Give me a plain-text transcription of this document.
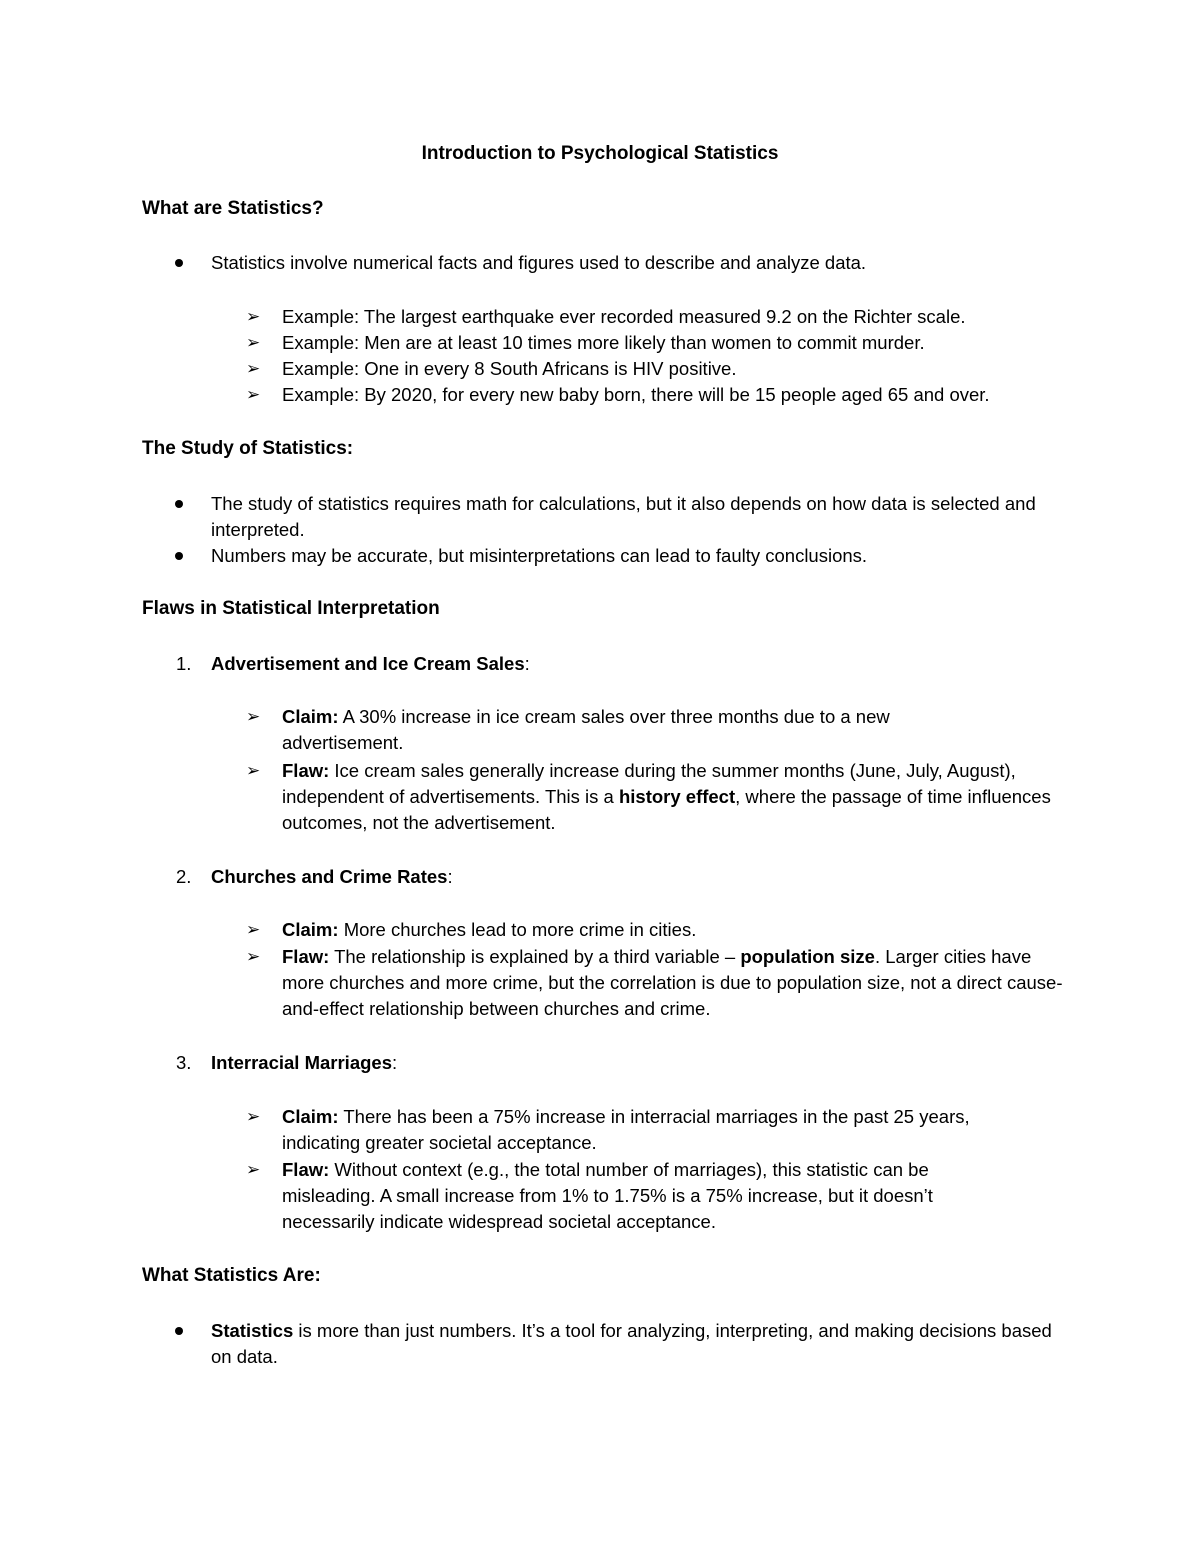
Introduction to Psychological Statistics
What are Statistics?
Statistics involve numerical facts and figures used to describe and analyze data.
➢ Example: The largest earthquake ever recorded measured 9.2 on the Richter scale.
➢ Example: Men are at least 10 times more likely than women to commit murder.
➢ Example: One in every 8 South Africans is HIV positive.
➢ Example: By 2020, for every new baby born, there will be 15 people aged 65 and over.
The Study of Statistics:
The study of statistics requires math for calculations, but it also depends on how data is selected and interpreted.
Numbers may be accurate, but misinterpretations can lead to faulty conclusions.
Flaws in Statistical Interpretation
1. Advertisement and Ice Cream Sales:
➢ Claim: A 30% increase in ice cream sales over three months due to a new advertisement.
➢ Flaw: Ice cream sales generally increase during the summer months (June, July, August), independent of advertisements. This is a history effect, where the passage of time influences outcomes, not the advertisement.
2. Churches and Crime Rates:
➢ Claim: More churches lead to more crime in cities.
➢ Flaw: The relationship is explained by a third variable – population size. Larger cities have more churches and more crime, but the correlation is due to population size, not a direct cause-and-effect relationship between churches and crime.
3. Interracial Marriages:
➢ Claim: There has been a 75% increase in interracial marriages in the past 25 years, indicating greater societal acceptance.
➢ Flaw: Without context (e.g., the total number of marriages), this statistic can be misleading. A small increase from 1% to 1.75% is a 75% increase, but it doesn’t necessarily indicate widespread societal acceptance.
What Statistics Are:
Statistics is more than just numbers. It’s a tool for analyzing, interpreting, and making decisions based on data.
